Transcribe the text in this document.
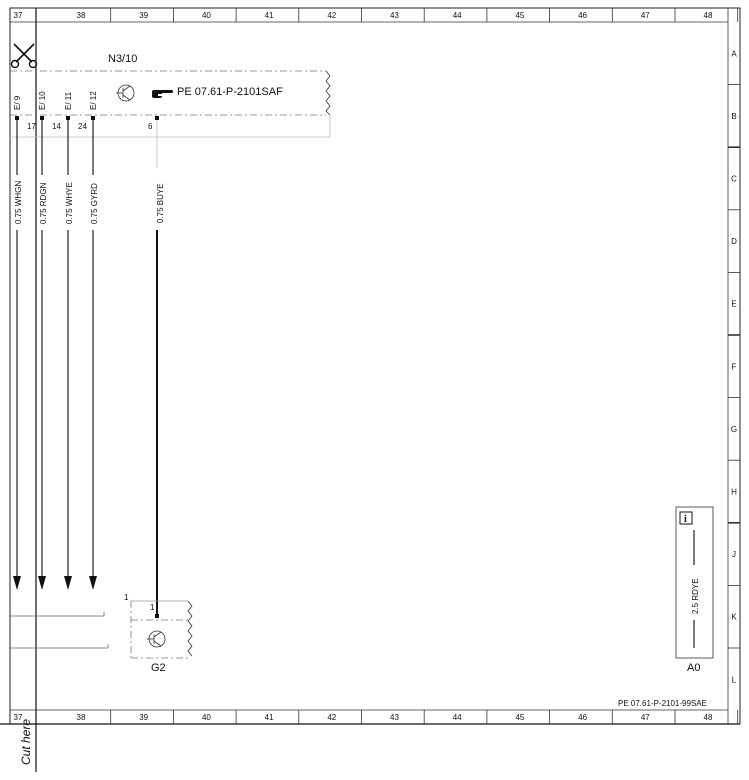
37	38	39	40	41	42	43	44	45	46	47	48
37	38	39	40	41	42	43	44	45	46	47	48
A
B
C
D
E
F
G
H
J
K
L
N3/10
PE 07.61-P-2101SAF
E/ 9
17
0.75 WHGN
E/ 10
14
0.75 RDGN
E/ 11
24
0.75 WHYE
E/ 12
0.75 GYRD
6
0.75 BUYE
1
1
G2
i
2.5 RDYE
A0
PE 07.61-P-2101-99SAE
Cut here
